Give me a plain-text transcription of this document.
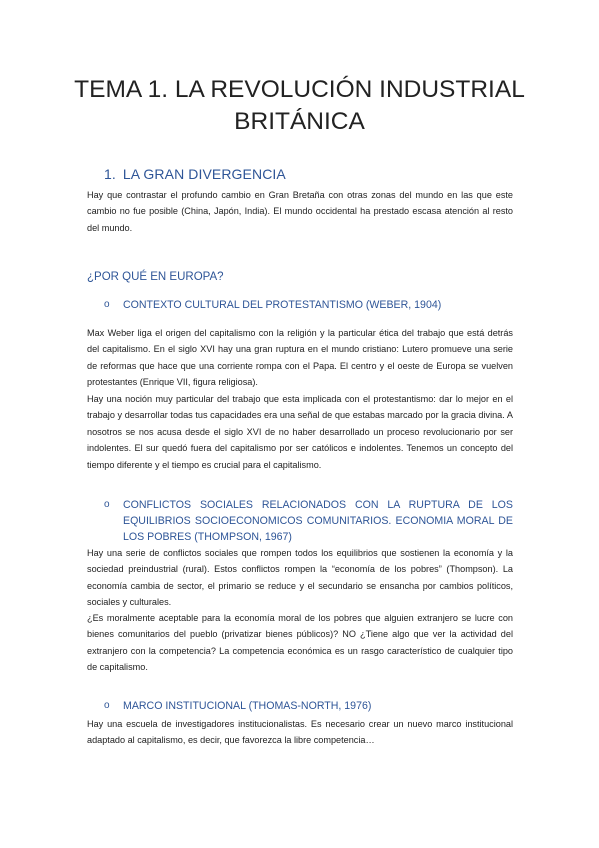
TEMA 1. LA REVOLUCIÓN INDUSTRIAL
BRITÁNICA
1. LA GRAN DIVERGENCIA

Hay que contrastar el profundo cambio en Gran Bretaña con otras zonas del mundo en las que este cambio no fue posible (China, Japón, India). El mundo occidental ha prestado escasa atención al resto del mundo.

¿POR QUÉ EN EUROPA?
o	CONTEXTO CULTURAL DEL PROTESTANTISMO (WEBER, 1904)

Max Weber liga el origen del capitalismo con la religión y la particular ética del trabajo que está detrás del capitalismo. En el siglo XVI hay una gran ruptura en el mundo cristiano: Lutero promueve una serie de reformas que hace que una corriente rompa con el Papa. El centro y el oeste de Europa se vuelven protestantes (Enrique VII, figura religiosa).

Hay una noción muy particular del trabajo que esta implicada con el protestantismo: dar lo mejor en el trabajo y desarrollar todas tus capacidades era una señal de que estabas marcado por la gracia divina. A nosotros se nos acusa desde el siglo XVI de no haber desarrollado un proceso revolucionario por ser indolentes. El sur quedó fuera del capitalismo por ser católicos e indolentes. Tenemos un concepto del tiempo diferente y el tiempo es crucial para el capitalismo.

o	CONFLICTOS SOCIALES RELACIONADOS CON LA RUPTURA DE LOS EQUILIBRIOS SOCIOECONOMICOS COMUNITARIOS. ECONOMIA MORAL DE LOS POBRES (THOMPSON, 1967)

Hay una serie de conflictos sociales que rompen todos los equilibrios que sostienen la economía y la sociedad preindustrial (rural). Estos conflictos rompen la “economía de los pobres” (Thompson). La economía cambia de sector, el primario se reduce y el secundario se ensancha por cambios políticos, sociales y culturales.

¿Es moralmente aceptable para la economía moral de los pobres que alguien extranjero se lucre con bienes comunitarios del pueblo (privatizar bienes públicos)? NO ¿Tiene algo que ver la actividad del extranjero con la competencia? La competencia económica es un rasgo característico de cualquier tipo de capitalismo.

o	MARCO INSTITUCIONAL (THOMAS-NORTH, 1976)

Hay una escuela de investigadores institucionalistas. Es necesario crear un nuevo marco institucional adaptado al capitalismo, es decir, que favorezca la libre competencia…
